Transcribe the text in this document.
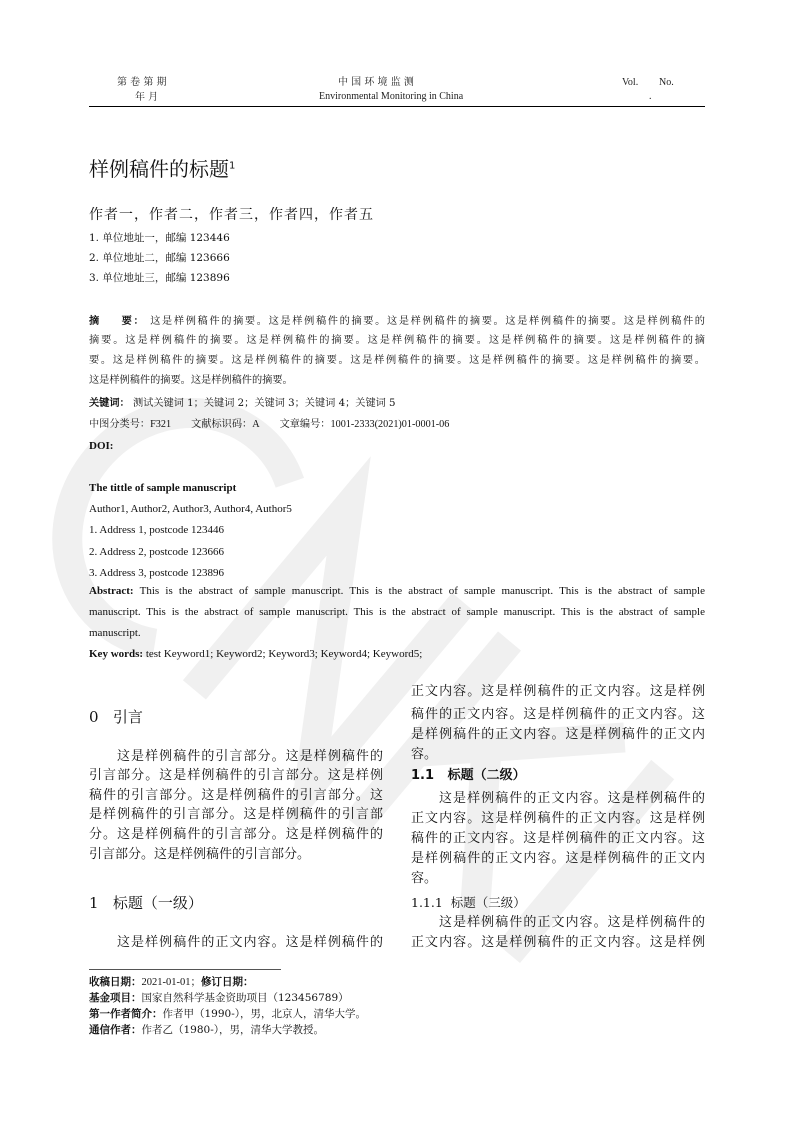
第 卷 第 期
年 月
中 国 环 境 监 测
Environmental Monitoring in China
Vol. No.
.
样例稿件的标题$^1$
作者一，作者二，作者三，作者四，作者五
1. 单位地址一，邮编 123446
2. 单位地址二，邮编 123666
3. 单位地址三，邮编 123896
摘    要： 这是样例稿件的摘要。这是样例稿件的摘要。这是样例稿件的摘要。这是样例稿件的摘要。这是样例稿件的
摘要。这是样例稿件的摘要。这是样例稿件的摘要。这是样例稿件的摘要。这是样例稿件的摘要。这是样例稿件的摘
要。这是样例稿件的摘要。这是样例稿件的摘要。这是样例稿件的摘要。这是样例稿件的摘要。这是样例稿件的摘要。
这是样例稿件的摘要。这是样例稿件的摘要。
关键词： 测试关键词 1；关键词 2；关键词 3；关键词 4；关键词 5
中图分类号：F321 文献标识码：A 文章编号：1001-2333(2021)01-0001-06
DOI:
The tittle of sample manuscript
Author1, Author2, Author3, Author4, Author5
1. Address 1, postcode 123446
2. Address 2, postcode 123666
3. Address 3, postcode 123896
Abstract: This is the abstract of sample manuscript. This is the abstract of sample manuscript. This is the abstract of sample
manuscript. This is the abstract of sample manuscript. This is the abstract of sample manuscript. This is the abstract of sample
manuscript.
Key words: test Keyword1; Keyword2; Keyword3; Keyword4; Keyword5;
0   引言
这是样例稿件的引言部分。这是样例稿件的
引言部分。这是样例稿件的引言部分。这是样例
稿件的引言部分。这是样例稿件的引言部分。这
是样例稿件的引言部分。这是样例稿件的引言部
分。这是样例稿件的引言部分。这是样例稿件的
引言部分。这是样例稿件的引言部分。
1   标题（一级）
这是样例稿件的正文内容。这是样例稿件的
正文内容。这是样例稿件的正文内容。这是样例
稿件的正文内容。这是样例稿件的正文内容。这
是样例稿件的正文内容。这是样例稿件的正文内
容。
1.1   标题（二级）
这是样例稿件的正文内容。这是样例稿件的
正文内容。这是样例稿件的正文内容。这是样例
稿件的正文内容。这是样例稿件的正文内容。这
是样例稿件的正文内容。这是样例稿件的正文内
容。
1.1.1  标题（三级）
这是样例稿件的正文内容。这是样例稿件的
正文内容。这是样例稿件的正文内容。这是样例
收稿日期：2021-01-01；修订日期：
基金项目：国家自然科学基金资助项目（123456789）
第一作者简介：作者甲（1990-），男，北京人，清华大学。
通信作者：作者乙（1980-），男，清华大学教授。
